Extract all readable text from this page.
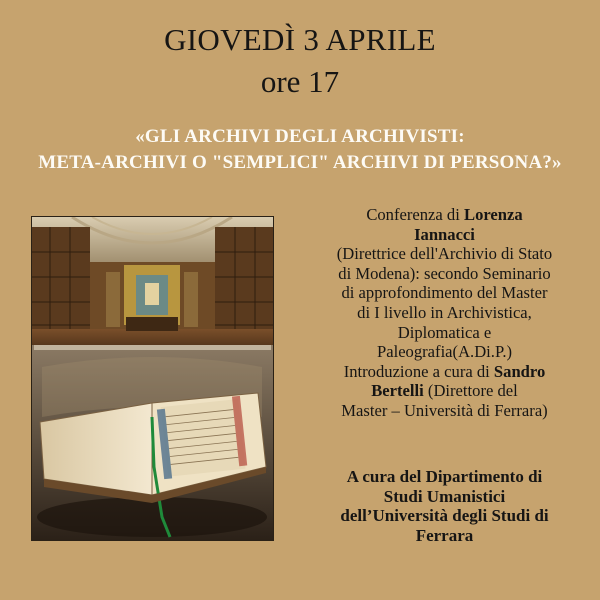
GIOVEDÌ 3 APRILE
ore 17
«GLI ARCHIVI DEGLI ARCHIVISTI:
META-ARCHIVI O "SEMPLICI" ARCHIVI DI PERSONA?»
Conferenza di Lorenza
Iannacci
(Direttrice dell'Archivio di Stato
di Modena): secondo Seminario
di approfondimento del Master
di I livello in Archivistica,
Diplomatica e
Paleografia(A.Di.P.)
Introduzione a cura di Sandro
Bertelli (Direttore del
Master – Università di Ferrara)
A cura del Dipartimento di
Studi Umanistici
dell’Università degli Studi di
Ferrara
